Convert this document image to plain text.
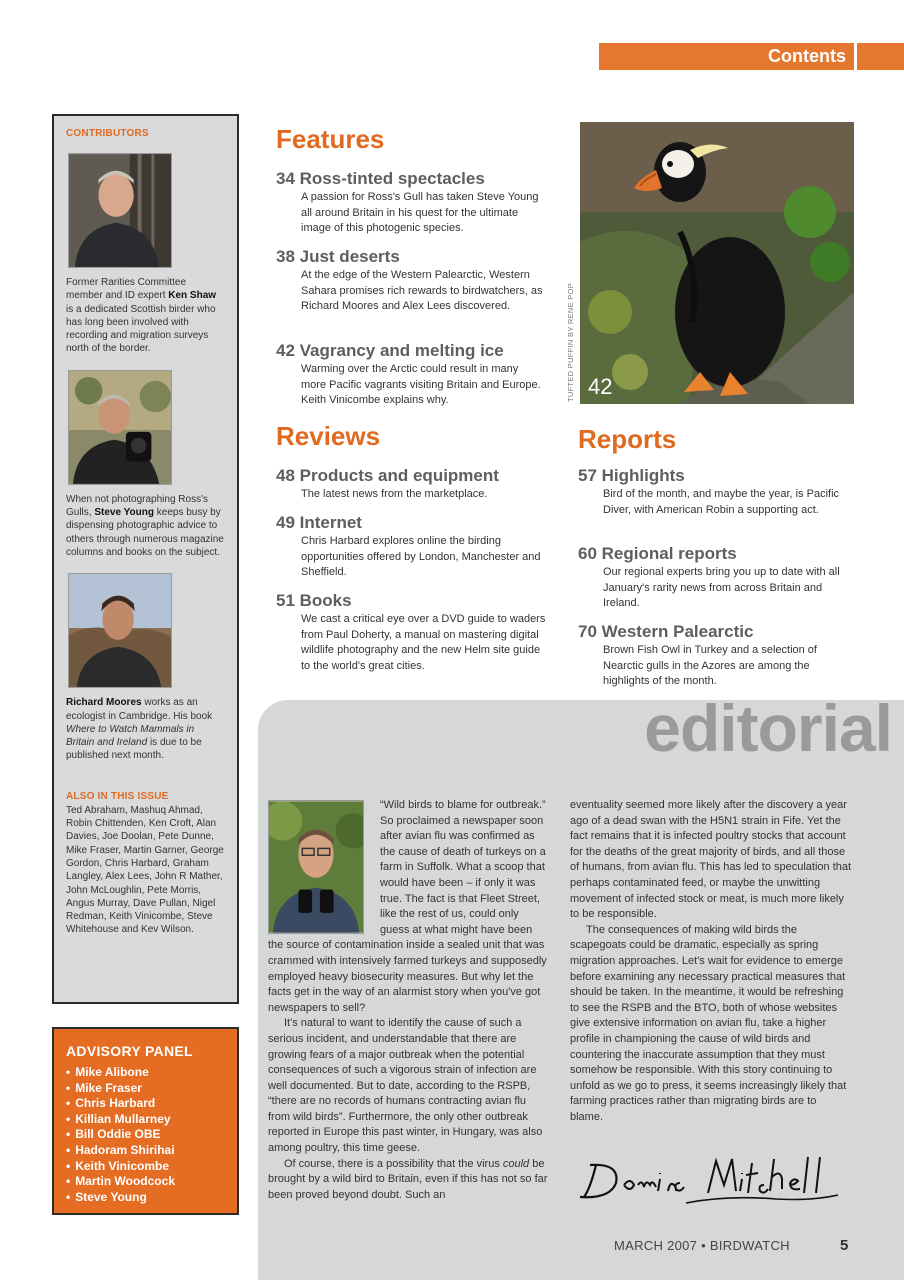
Contents
CONTRIBUTORS
Former Rarities Committee member and ID expert Ken Shaw is a dedicated Scottish birder who has long been involved with recording and migration surveys north of the border.
When not photographing Ross's Gulls, Steve Young keeps busy by dispensing photographic advice to others through numerous magazine columns and books on the subject.
Richard Moores works as an ecologist in Cambridge. His book Where to Watch Mammals in Britain and Ireland is due to be published next month.
ALSO IN THIS ISSUE
Ted Abraham, Mashuq Ahmad, Robin Chittenden, Ken Croft, Alan Davies, Joe Doolan, Pete Dunne, Mike Fraser, Martin Garner, George Gordon, Chris Harbard, Graham Langley, Alex Lees, John R Mather, John McLoughlin, Pete Morris, Angus Murray, Dave Pullan, Nigel Redman, Keith Vinicombe, Steve Whitehouse and Kev Wilson.
ADVISORY PANEL
• Mike Alibone
• Mike Fraser
• Chris Harbard
• Killian Mullarney
• Bill Oddie OBE
• Hadoram Shirihai
• Keith Vinicombe
• Martin Woodcock
• Steve Young
Features
34 Ross-tinted spectacles
A passion for Ross's Gull has taken Steve Young all around Britain in his quest for the ultimate image of this photogenic species.
38 Just deserts
At the edge of the Western Palearctic, Western Sahara promises rich rewards to birdwatchers, as Richard Moores and Alex Lees discovered.
42 Vagrancy and melting ice
Warming over the Arctic could result in many more Pacific vagrants visiting Britain and Europe. Keith Vinicombe explains why.
Reviews
48 Products and equipment
The latest news from the marketplace.
49 Internet
Chris Harbard explores online the birding opportunities offered by London, Manchester and Sheffield.
51 Books
We cast a critical eye over a DVD guide to waders from Paul Doherty, a manual on mastering digital wildlife photography and the new Helm site guide to the world's great cities.
42
TUFTED PUFFIN BY RENE POP
Reports
57 Highlights
Bird of the month, and maybe the year, is Pacific Diver, with American Robin a supporting act.
60 Regional reports
Our regional experts bring you up to date with all January's rarity news from across Britain and Ireland.
70 Western Palearctic
Brown Fish Owl in Turkey and a selection of Nearctic gulls in the Azores are among the highlights of the month.
editorial

“Wild birds to blame for outbreak.” So proclaimed a newspaper soon after avian flu was confirmed as the cause of death of turkeys on a farm in Suffolk. What a scoop that would have been – if only it was true. The fact is that Fleet Street, like the rest of us, could only guess at what might have been the source of contamination inside a sealed unit that was crammed with intensively farmed turkeys and supposedly employed heavy biosecurity measures. But why let the facts get in the way of an alarmist story when you've got newspapers to sell?

It's natural to want to identify the cause of such a serious incident, and understandable that there are growing fears of a major outbreak when the potential consequences of such a vigorous strain of infection are well documented. But to date, according to the RSPB, “there are no records of humans contracting avian flu from wild birds”. Furthermore, the only other outbreak reported in Europe this past winter, in Hungary, was also among poultry, this time geese.

Of course, there is a possibility that the virus could be brought by a wild bird to Britain, even if this has not so far been proved beyond doubt. Such an

eventuality seemed more likely after the discovery a year ago of a dead swan with the H5N1 strain in Fife. Yet the fact remains that it is infected poultry stocks that account for the deaths of the great majority of birds, and all those of humans, from avian flu. This has led to speculation that perhaps contaminated feed, or maybe the unwitting movement of infected stock or meat, is much more likely to be responsible.

The consequences of making wild birds the scapegoats could be dramatic, especially as spring migration approaches. Let's wait for evidence to emerge before examining any necessary practical measures that should be taken. In the meantime, it would be refreshing to see the RSPB and the BTO, both of whose websites give extensive information on avian flu, take a higher profile in championing the cause of wild birds and countering the inaccurate assumption that they must somehow be responsible. With this story continuing to unfold as we go to press, it seems increasingly likely that farming practices rather than migrating birds are to blame.

MARCH 2007 • BIRDWATCH	5
